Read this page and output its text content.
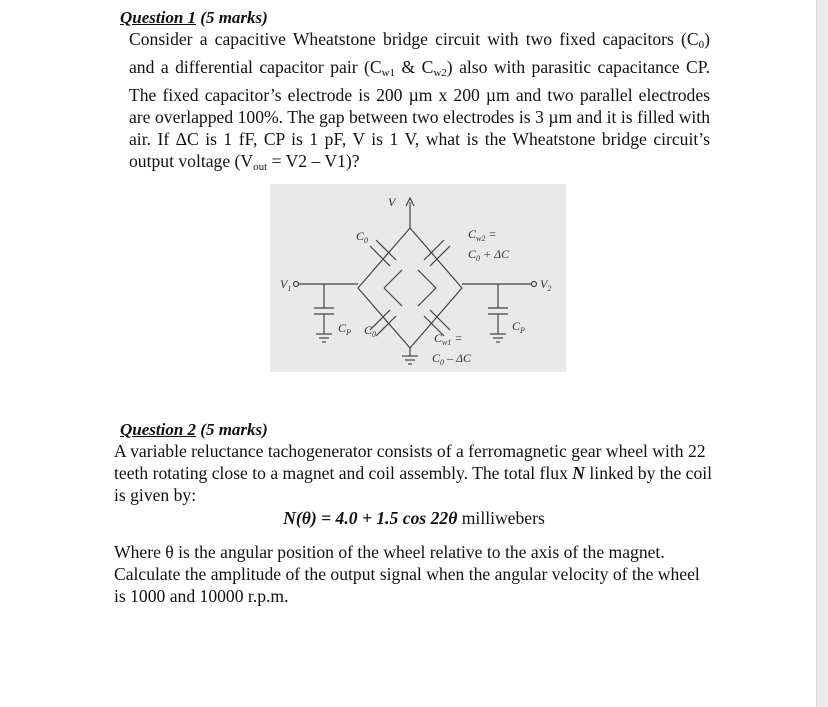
Question 1 (5 marks)
Consider a capacitive Wheatstone bridge circuit with two fixed capacitors $(C_0)$ and a differential capacitor pair ($C_{w1}$ & $C_{w2}$) also with parasitic capacitance CP. The fixed capacitor’s electrode is 200 µm x 200 µm and two parallel electrodes are overlapped 100%. The gap between two electrodes is 3 µm and it is filled with air. If ΔC is 1 fF, CP is 1 pF, V is 1 V, what is the Wheatstone bridge circuit’s output voltage $(V_{out} = V2 - V1)$?
V
$V_1$	$V_2$
$C_0$	$C_{w2}$ =
$C_0 + \Delta C$
$C_P$ $C_0$	$C_{w1}$ =
$C_0$ – ΔC
$C_P$
Question 2 (5 marks)
A variable reluctance tachogenerator consists of a ferromagnetic gear wheel with 22 teeth rotating close to a magnet and coil assembly. The total flux N linked by the coil is given by:
N(θ) = 4.0 + 1.5 cos 22θ milliwebers
Where θ is the angular position of the wheel relative to the axis of the magnet. Calculate the amplitude of the output signal when the angular velocity of the wheel is 1000 and 10000 r.p.m.
